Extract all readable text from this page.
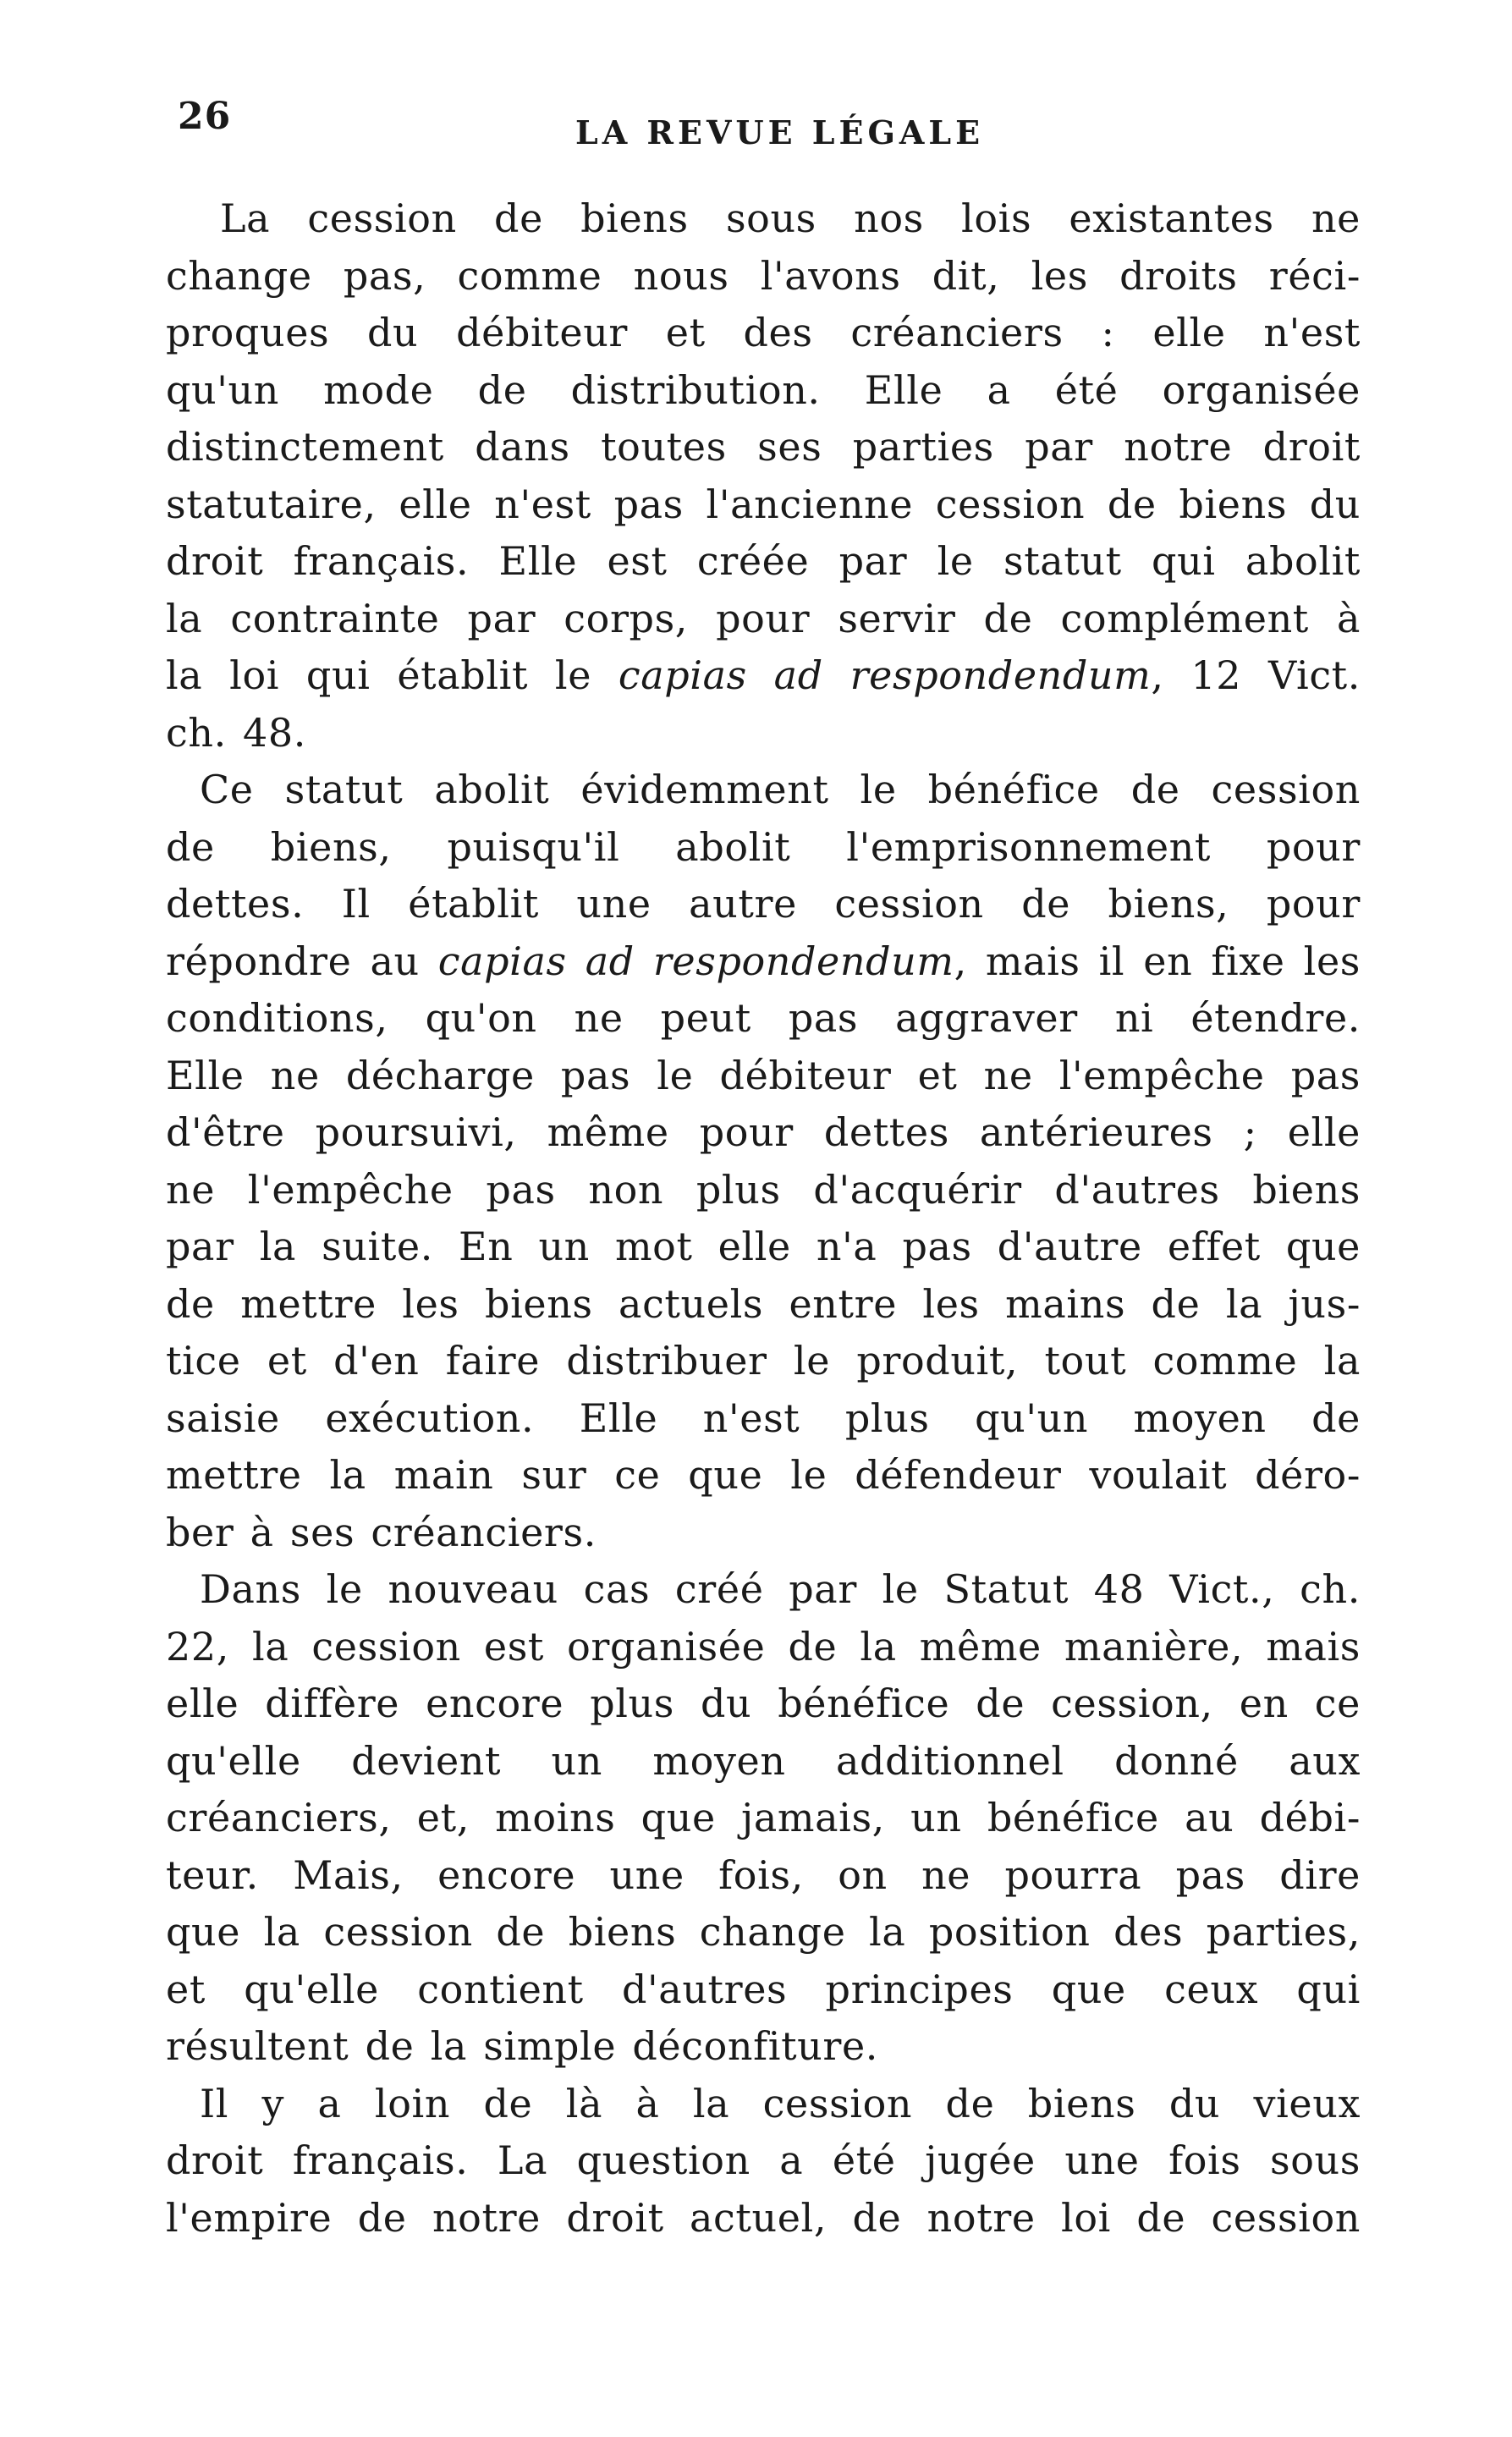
26	LA REVUE LÉGALE
La cession de biens sous nos lois existantes ne
change pas, comme nous l'avons dit, les droits réci-
proques du débiteur et des créanciers : elle n'est
qu'un mode de distribution. Elle a été organisée
distinctement dans toutes ses parties par notre droit
statutaire, elle n'est pas l'ancienne cession de biens du
droit français. Elle est créée par le statut qui abolit
la contrainte par corps, pour servir de complément à
la loi qui établit le capias ad respondendum, 12 Vict.
ch. 48.
Ce statut abolit évidemment le bénéfice de cession
de biens, puisqu'il abolit l'emprisonnement pour
dettes. Il établit une autre cession de biens, pour
répondre au capias ad respondendum, mais il en fixe les
conditions, qu'on ne peut pas aggraver ni étendre.
Elle ne décharge pas le débiteur et ne l'empêche pas
d'être poursuivi, même pour dettes antérieures ; elle
ne l'empêche pas non plus d'acquérir d'autres biens
par la suite. En un mot elle n'a pas d'autre effet que
de mettre les biens actuels entre les mains de la jus-
tice et d'en faire distribuer le produit, tout comme la
saisie exécution. Elle n'est plus qu'un moyen de
mettre la main sur ce que le défendeur voulait déro-
ber à ses créanciers.
Dans le nouveau cas créé par le Statut 48 Vict., ch.
22, la cession est organisée de la même manière, mais
elle diffère encore plus du bénéfice de cession, en ce
qu'elle devient un moyen additionnel donné aux
créanciers, et, moins que jamais, un bénéfice au débi-
teur. Mais, encore une fois, on ne pourra pas dire
que la cession de biens change la position des parties,
et qu'elle contient d'autres principes que ceux qui
résultent de la simple déconfiture.
Il y a loin de là à la cession de biens du vieux
droit français. La question a été jugée une fois sous
l'empire de notre droit actuel, de notre loi de cession
